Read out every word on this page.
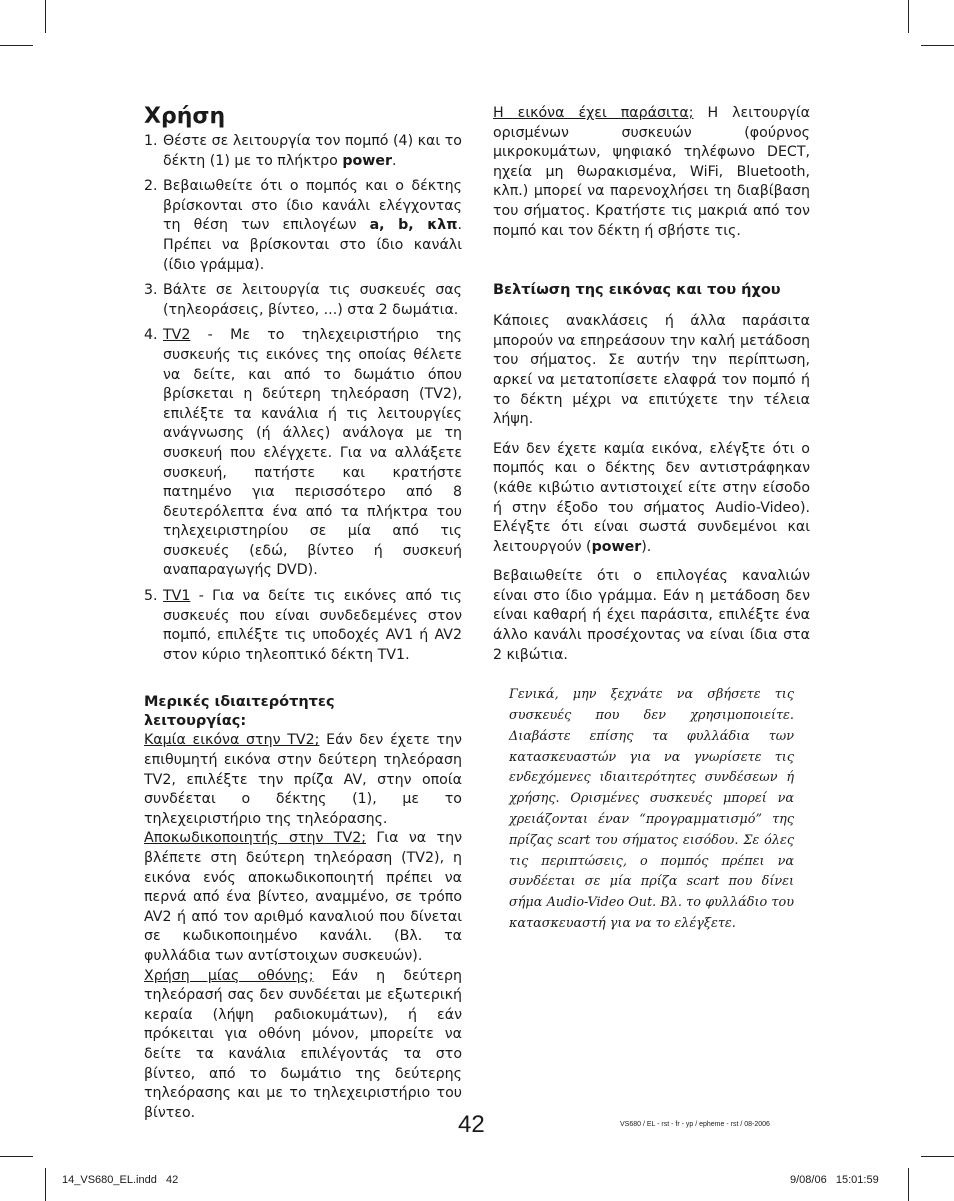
Χρήση
1. Θέστε σε λειτουργία τον πομπό (4) και το δέκτη (1) με το πλήκτρο power.
2. Βεβαιωθείτε ότι ο πομπός και ο δέκτης βρίσκονται στο ίδιο κανάλι ελέγχοντας τη θέση των επιλογέων a, b, κλπ. Πρέπει να βρίσκονται στο ίδιο κανάλι (ίδιο γράμμα).
3. Βάλτε σε λειτουργία τις συσκευές σας (τηλεοράσεις, βίντεο, ...) στα 2 δωμάτια.
4. TV2 - Με το τηλεχειριστήριο της συσκευής τις εικόνες της οποίας θέλετε να δείτε, και από το δωμάτιο όπου βρίσκεται η δεύτερη τηλεόραση (TV2), επιλέξτε τα κανάλια ή τις λειτουργίες ανάγνωσης (ή άλλες) ανάλογα με τη συσκευή που ελέγχετε. Για να αλλάξετε συσκευή, πατήστε και κρατήστε πατημένο για περισσότερο από 8 δευτερόλεπτα ένα από τα πλήκτρα του τηλεχειριστηρίου σε μία από τις συσκευές (εδώ, βίντεο ή συσκευή αναπαραγωγής DVD).
5. TV1 - Για να δείτε τις εικόνες από τις συσκευές που είναι συνδεδεμένες στον πομπό, επιλέξτε τις υποδοχές AV1 ή AV2 στον κύριο τηλεοπτικό δέκτη TV1.
Μερικές ιδιαιτερότητες λειτουργίας:

Καμία εικόνα στην TV2; Εάν δεν έχετε την επιθυμητή εικόνα στην δεύτερη τηλεόραση TV2, επιλέξτε την πρίζα AV, στην οποία συνδέεται ο δέκτης (1), με το τηλεχειριστήριο της τηλεόρασης.

Αποκωδικοποιητής στην TV2; Για να την βλέπετε στη δεύτερη τηλεόραση (TV2), η εικόνα ενός αποκωδικοποιητή πρέπει να περνά από ένα βίντεο, αναμμένο, σε τρόπο AV2 ή από τον αριθμό καναλιού που δίνεται σε κωδικοποιημένο κανάλι. (Βλ. τα φυλλάδια των αντίστοιχων συσκευών).

Χρήση μίας οθόνης; Εάν η δεύτερη τηλεόρασή σας δεν συνδέεται με εξωτερική κεραία (λήψη ραδιοκυμάτων), ή εάν πρόκειται για οθόνη μόνον, μπορείτε να δείτε τα κανάλια επιλέγοντάς τα στο βίντεο, από το δωμάτιο της δεύτερης τηλεόρασης και με το τηλεχειριστήριο του βίντεο.

Η εικόνα έχει παράσιτα; Η λειτουργία ορισμένων συσκευών (φούρνος μικροκυμάτων, ψηφιακό τηλέφωνο DECT, ηχεία μη θωρακισμένα, WiFi, Bluetooth, κλπ.) μπορεί να παρενοχλήσει τη διαβίβαση του σήματος. Κρατήστε τις μακριά από τον πομπό και τον δέκτη ή σβήστε τις.

Βελτίωση της εικόνας και του ήχου

Κάποιες ανακλάσεις ή άλλα παράσιτα μπορούν να επηρεάσουν την καλή μετάδοση του σήματος. Σε αυτήν την περίπτωση, αρκεί να μετατοπίσετε ελαφρά τον πομπό ή το δέκτη μέχρι να επιτύχετε την τέλεια λήψη.

Εάν δεν έχετε καμία εικόνα, ελέγξτε ότι ο πομπός και ο δέκτης δεν αντιστράφηκαν (κάθε κιβώτιο αντιστοιχεί είτε στην είσοδο ή στην έξοδο του σήματος Audio-Video). Ελέγξτε ότι είναι σωστά συνδεμένοι και λειτουργούν (power).

Βεβαιωθείτε ότι ο επιλογέας καναλιών είναι στο ίδιο γράμμα. Εάν η μετάδοση δεν είναι καθαρή ή έχει παράσιτα, επιλέξτε ένα άλλο κανάλι προσέχοντας να είναι ίδια στα 2 κιβώτια.

Γενικά, μην ξεχνάτε να σβήσετε τις συσκευές που δεν χρησιμοποιείτε. Διαβάστε επίσης τα φυλλάδια των κατασκευαστών για να γνωρίσετε τις ενδεχόμενες ιδιαιτερότητες συνδέσεων ή χρήσης. Ορισμένες συσκευές μπορεί να χρειάζονται έναν “προγραμματισμό” της πρίζας scart του σήματος εισόδου. Σε όλες τις περιπτώσεις, ο πομπός πρέπει να συνδέεται σε μία πρίζα scart που δίνει σήμα Audio-Video Out. Βλ. το φυλλάδιο του κατασκευαστή για να το ελέγξετε.

42	VS680 / EL - rst - fr - yp / epheme - rst / 08-2006
14_VS680_EL.indd   42	9/08/06   15:01:59
